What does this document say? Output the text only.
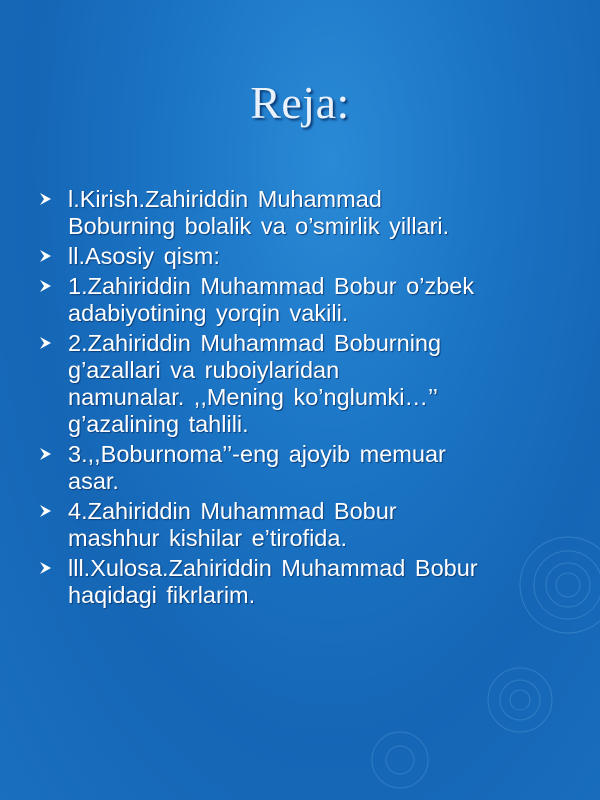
Reja:
l.Kirish.Zahiriddin Muhammad
Boburning bolalik va o’smirlik yillari.
ll.Asosiy qism:
1.Zahiriddin Muhammad Bobur o’zbek
adabiyotining yorqin vakili.
2.Zahiriddin Muhammad Boburning
g’azallari va ruboiylaridan
namunalar. ,,Mening ko’nglumki…’’
g’azalining tahlili.
3.,,Boburnoma’’-eng ajoyib memuar
asar.
4.Zahiriddin Muhammad Bobur
mashhur kishilar e’tirofida.
lll.Xulosa.Zahiriddin Muhammad Bobur
haqidagi fikrlarim.
